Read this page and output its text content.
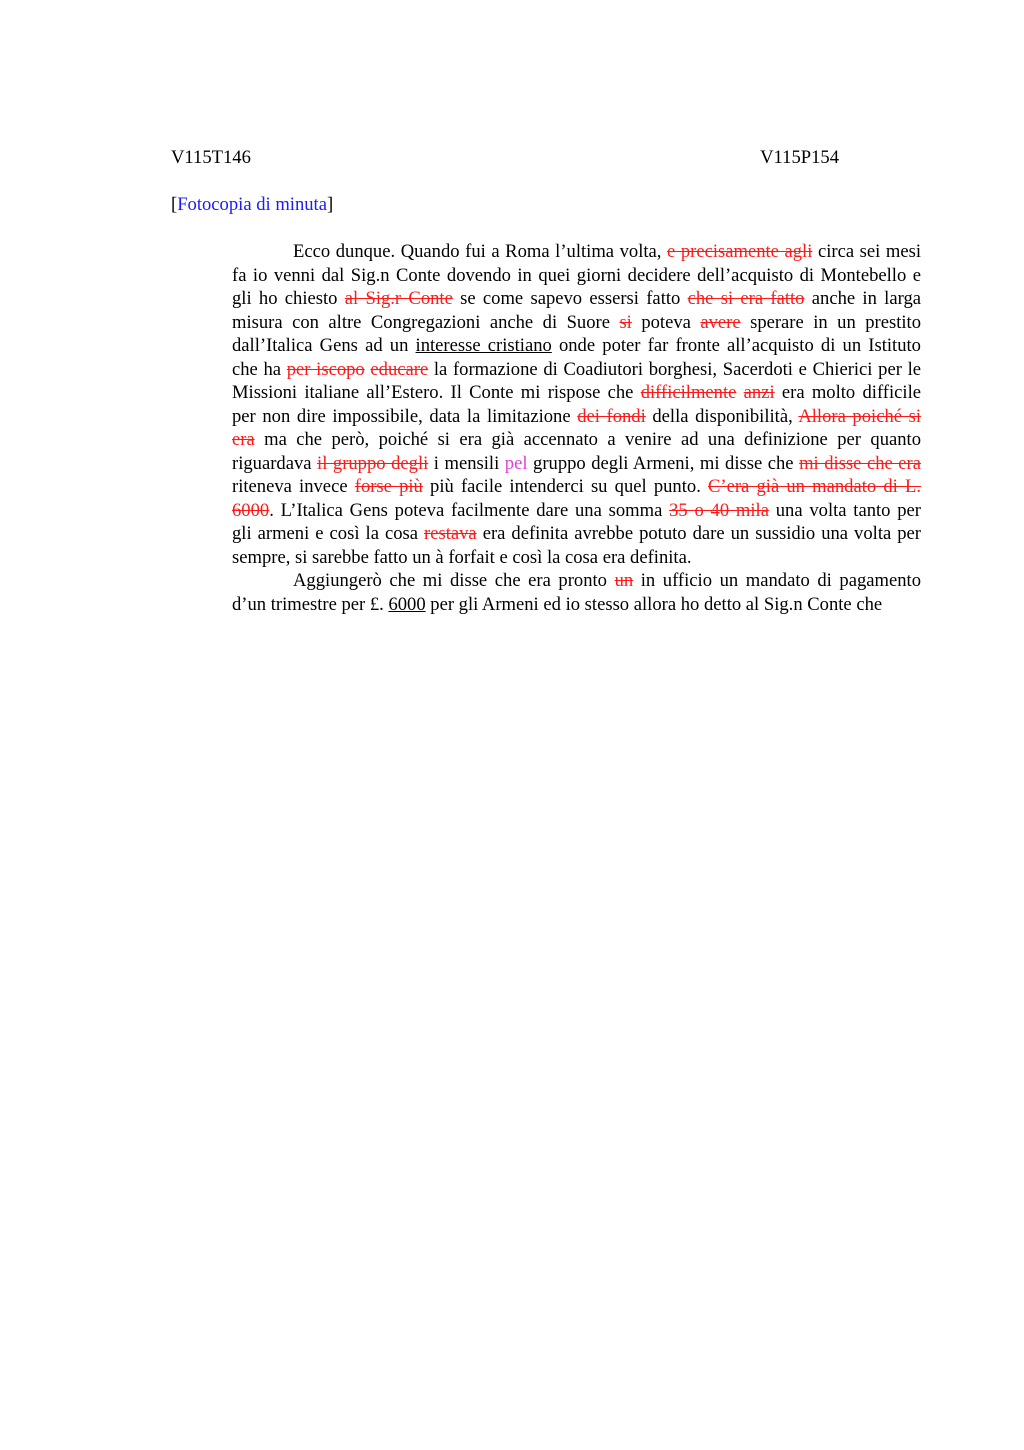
V115T146	V115P154
[Fotocopia di minuta]
Ecco dunque. Quando fui a Roma l’ultima volta, e precisamente agli circa sei mesi
fa io venni dal Sig.n Conte dovendo in quei giorni decidere dell’acquisto di Montebello e
gli ho chiesto al Sig.r Conte se come sapevo essersi fatto che si era fatto anche in larga
misura con altre Congregazioni anche di Suore si poteva avere sperare in un prestito
dall’Italica Gens ad un interesse cristiano onde poter far fronte all’acquisto di un Istituto
che ha per iscopo educare la formazione di Coadiutori borghesi, Sacerdoti e Chierici per le
Missioni italiane all’Estero. Il Conte mi rispose che difficilmente anzi era molto difficile
per non dire impossibile, data la limitazione dei fondi della disponibilità, Allora poiché si
era ma che però, poiché si era già accennato a venire ad una definizione per quanto
riguardava il gruppo degli i mensili pel gruppo degli Armeni, mi disse che mi disse che era
riteneva invece forse più più facile intenderci su quel punto. C’era già un mandato di L.
6000. L’Italica Gens poteva facilmente dare una somma 35 o 40 mila una volta tanto per
gli armeni e così la cosa restava era definita avrebbe potuto dare un sussidio una volta per
sempre, si sarebbe fatto un à forfait e così la cosa era definita.
Aggiungerò che mi disse che era pronto un in ufficio un mandato di pagamento
d’un trimestre per £. 6000 per gli Armeni ed io stesso allora ho detto al Sig.n Conte che
